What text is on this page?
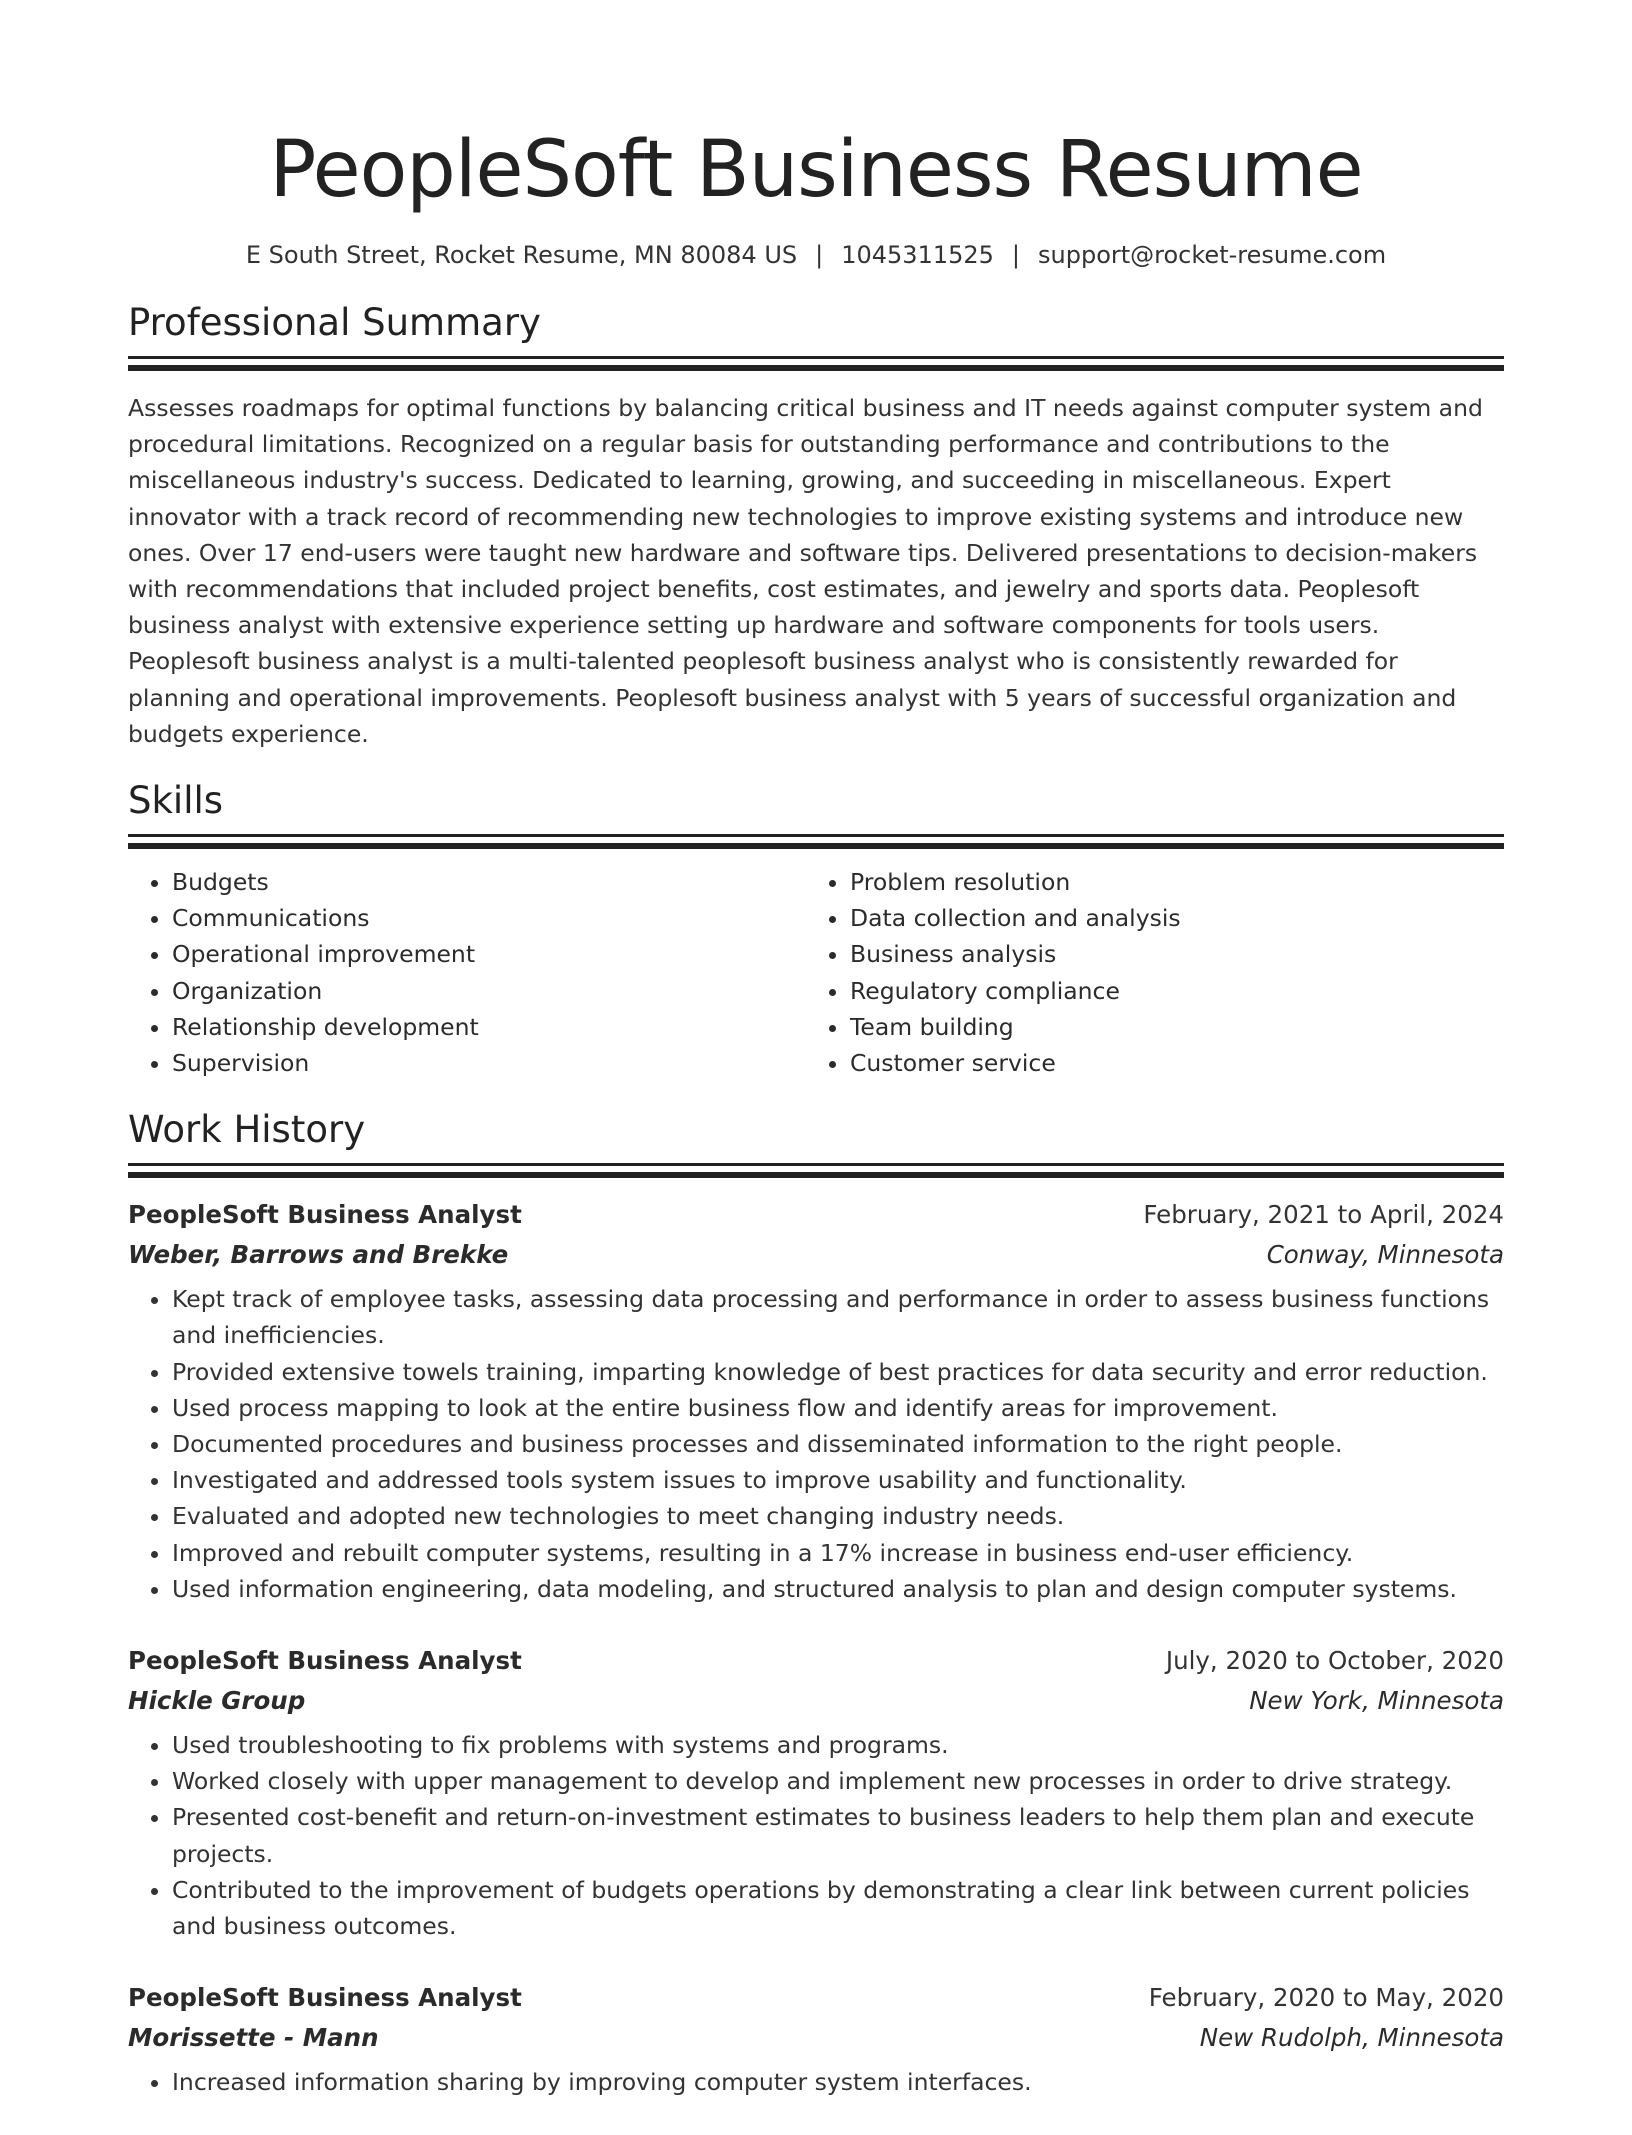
PeopleSoft Business Resume
E South Street, Rocket Resume, MN 80084 US | 1045311525 | support@rocket-resume.com
Professional Summary

Assesses roadmaps for optimal functions by balancing critical business and IT needs against computer system and procedural limitations. Recognized on a regular basis for outstanding performance and contributions to the miscellaneous industry's success. Dedicated to learning, growing, and succeeding in miscellaneous. Expert innovator with a track record of recommending new technologies to improve existing systems and introduce new ones. Over 17 end-users were taught new hardware and software tips. Delivered presentations to decision-makers with recommendations that included project benefits, cost estimates, and jewelry and sports data. Peoplesoft business analyst with extensive experience setting up hardware and software components for tools users. Peoplesoft business analyst is a multi-talented peoplesoft business analyst who is consistently rewarded for planning and operational improvements. Peoplesoft business analyst with 5 years of successful organization and budgets experience.

Skills
• Budgets
• Communications
• Operational improvement
• Organization
• Relationship development
• Supervision
• Problem resolution
• Data collection and analysis
• Business analysis
• Regulatory compliance
• Team building
• Customer service
Work History
PeopleSoft Business Analyst	February, 2021 to April, 2024
Weber, Barrows and Brekke	Conway, Minnesota
• Kept track of employee tasks, assessing data processing and performance in order to assess business functions and inefficiencies.
• Provided extensive towels training, imparting knowledge of best practices for data security and error reduction.
• Used process mapping to look at the entire business flow and identify areas for improvement.
• Documented procedures and business processes and disseminated information to the right people.
• Investigated and addressed tools system issues to improve usability and functionality.
• Evaluated and adopted new technologies to meet changing industry needs.
• Improved and rebuilt computer systems, resulting in a 17% increase in business end-user efficiency.
• Used information engineering, data modeling, and structured analysis to plan and design computer systems.
PeopleSoft Business Analyst	July, 2020 to October, 2020
Hickle Group	New York, Minnesota
• Used troubleshooting to fix problems with systems and programs.
• Worked closely with upper management to develop and implement new processes in order to drive strategy.
• Presented cost-benefit and return-on-investment estimates to business leaders to help them plan and execute projects.
• Contributed to the improvement of budgets operations by demonstrating a clear link between current policies and business outcomes.
PeopleSoft Business Analyst	February, 2020 to May, 2020
Morissette - Mann	New Rudolph, Minnesota
• Increased information sharing by improving computer system interfaces.
